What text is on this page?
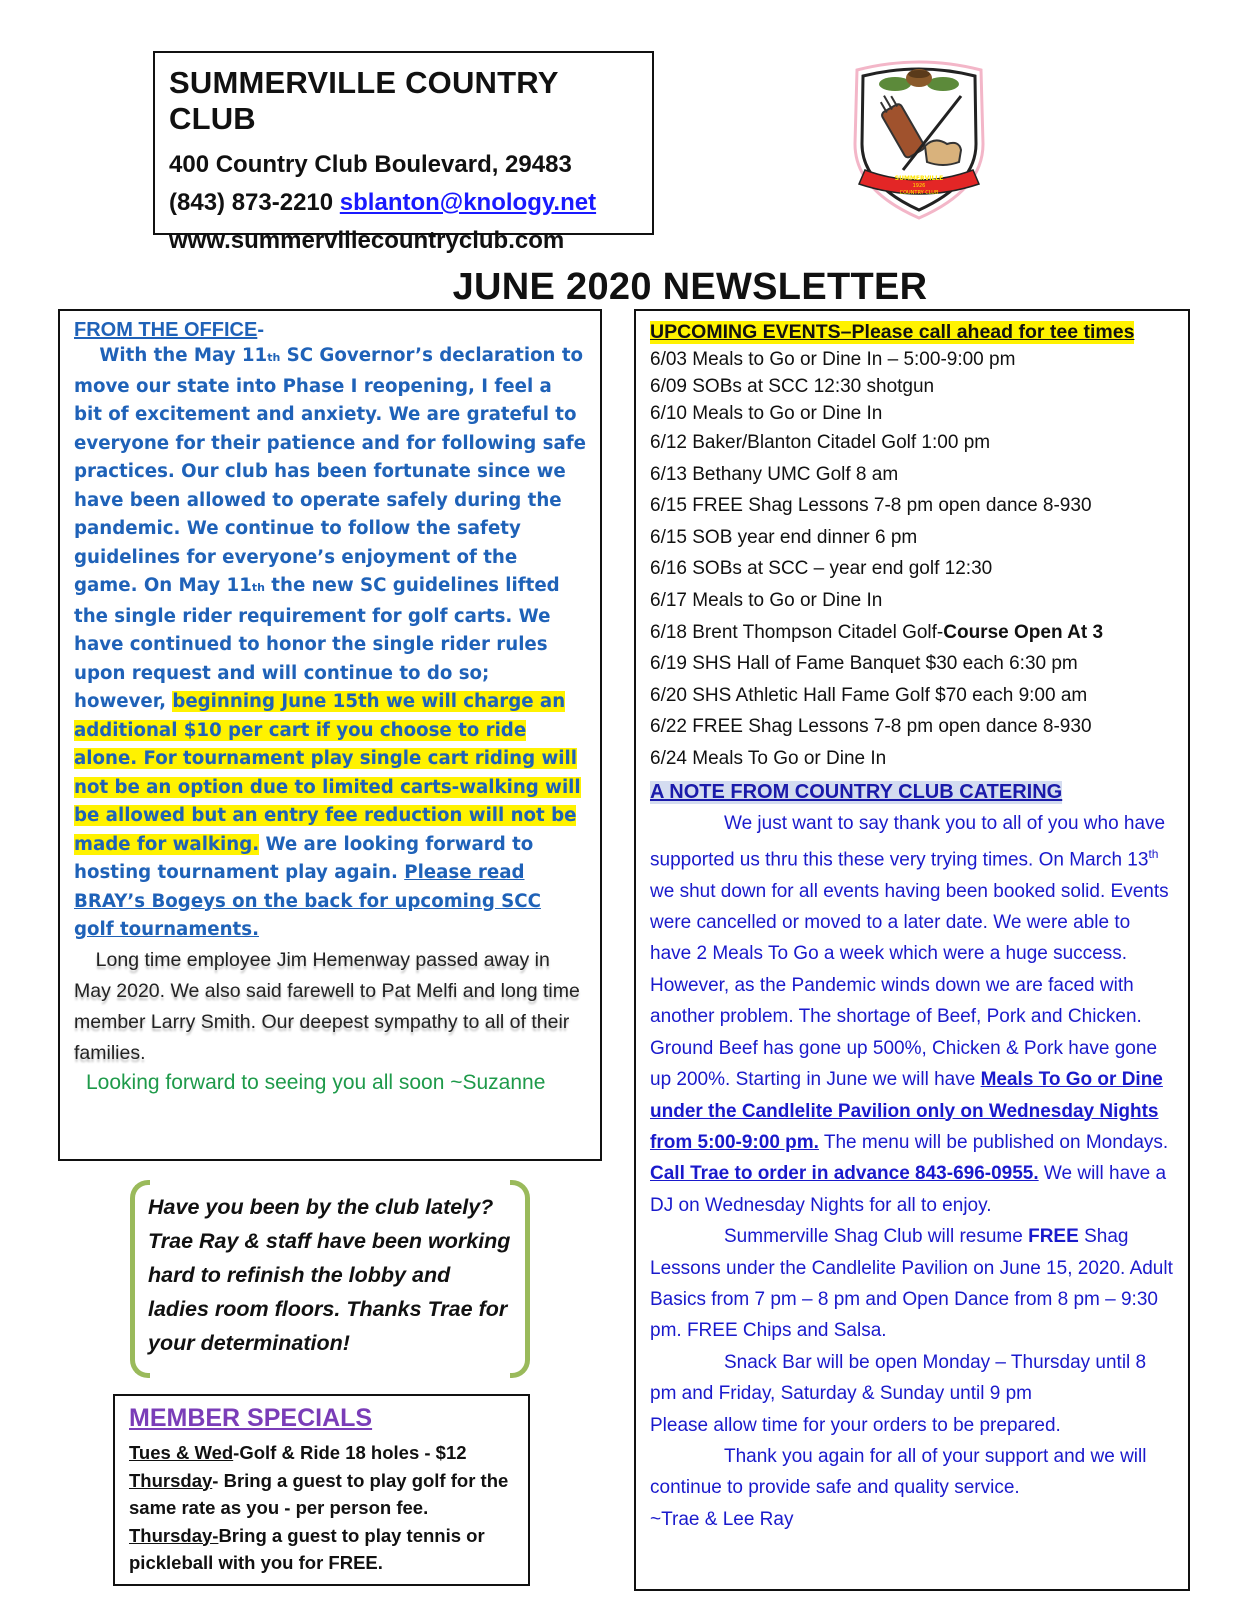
SUMMERVILLE COUNTRY CLUB
400 Country Club Boulevard, 29483
(843) 873-2210 sblanton@knology.net
www.summervillecountryclub.com
SUMMERVILLE
1926
COUNTRY CLUB
JUNE 2020 NEWSLETTER
FROM THE OFFICE-
With the May 11th SC Governor’s declaration to move our state into Phase I reopening, I feel a bit of excitement and anxiety. We are grateful to everyone for their patience and for following safe practices. Our club has been fortunate since we have been allowed to operate safely during the pandemic. We continue to follow the safety guidelines for everyone’s enjoyment of the game. On May 11th the new SC guidelines lifted the single rider requirement for golf carts. We have continued to honor the single rider rules upon request and will continue to do so; however, beginning June 15th we will charge an additional $10 per cart if you choose to ride alone. For tournament play single cart riding will not be an option due to limited carts-walking will be allowed but an entry fee reduction will not be made for walking. We are looking forward to hosting tournament play again. Please read BRAY’s Bogeys on the back for upcoming SCC golf tournaments.
Long time employee Jim Hemenway passed away in May 2020. We also said farewell to Pat Melfi and long time member Larry Smith. Our deepest sympathy to all of their families.
Looking forward to seeing you all soon ~Suzanne
Have you been by the club lately? Trae Ray & staff have been working hard to refinish the lobby and ladies room floors. Thanks Trae for your determination!
MEMBER SPECIALS
Tues & Wed-Golf & Ride 18 holes - $12
Thursday- Bring a guest to play golf for the same rate as you - per person fee.
Thursday-Bring a guest to play tennis or pickleball with you for FREE.
UPCOMING EVENTS–Please call ahead for tee times
6/03 Meals to Go or Dine In – 5:00-9:00 pm
6/09 SOBs at SCC 12:30 shotgun
6/10 Meals to Go or Dine In
6/12 Baker/Blanton Citadel Golf 1:00 pm
6/13 Bethany UMC Golf 8 am
6/15 FREE Shag Lessons 7-8 pm open dance 8-930
6/15 SOB year end dinner 6 pm
6/16 SOBs at SCC – year end golf 12:30
6/17 Meals to Go or Dine In
6/18 Brent Thompson Citadel Golf-Course Open At 3
6/19 SHS Hall of Fame Banquet $30 each 6:30 pm
6/20 SHS Athletic Hall Fame Golf $70 each 9:00 am
6/22 FREE Shag Lessons 7-8 pm open dance 8-930
6/24 Meals To Go or Dine In
A NOTE FROM COUNTRY CLUB CATERING

We just want to say thank you to all of you who have supported us thru this these very trying times. On March 13th we shut down for all events having been booked solid. Events were cancelled or moved to a later date. We were able to have 2 Meals To Go a week which were a huge success. However, as the Pandemic winds down we are faced with another problem. The shortage of Beef, Pork and Chicken. Ground Beef has gone up 500%, Chicken & Pork have gone up 200%. Starting in June we will have Meals To Go or Dine under the Candlelite Pavilion only on Wednesday Nights from 5:00-9:00 pm. The menu will be published on Mondays. Call Trae to order in advance 843-696-0955. We will have a DJ on Wednesday Nights for all to enjoy.

Summerville Shag Club will resume FREE Shag Lessons under the Candlelite Pavilion on June 15, 2020. Adult Basics from 7 pm – 8 pm and Open Dance from 8 pm – 9:30 pm. FREE Chips and Salsa.

Snack Bar will be open Monday – Thursday until 8 pm and Friday, Saturday & Sunday until 9 pm

Please allow time for your orders to be prepared.

Thank you again for all of your support and we will continue to provide safe and quality service.

~Trae & Lee Ray
